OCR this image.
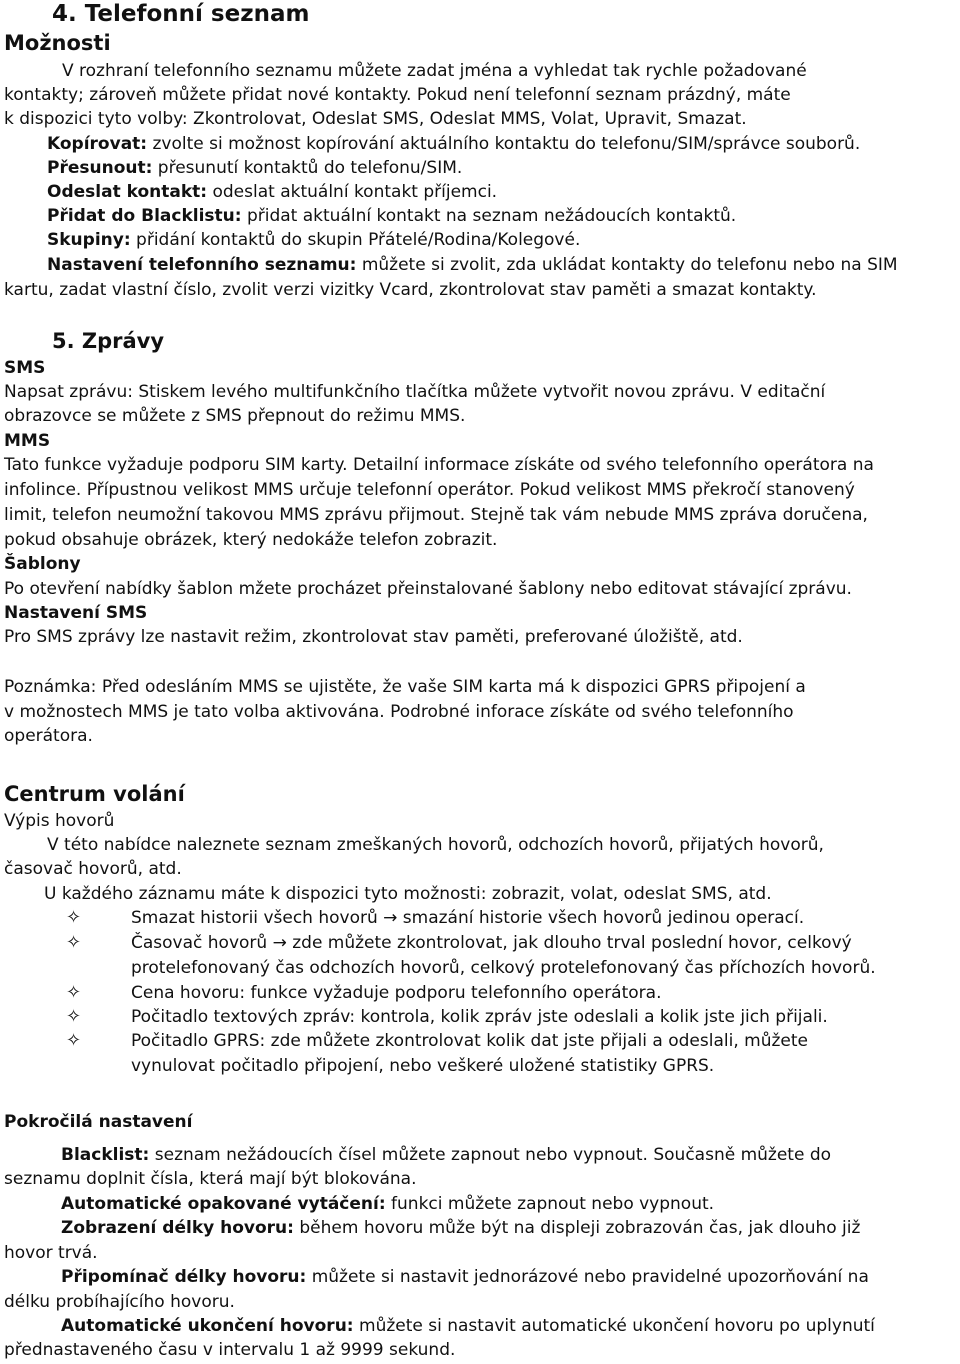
4. Telefonní seznam
Možnosti
V rozhraní telefonního seznamu můžete zadat jména a vyhledat tak rychle požadované
kontakty; zároveň můžete přidat nové kontakty. Pokud není telefonní seznam prázdný, máte
k dispozici tyto volby: Zkontrolovat, Odeslat SMS, Odeslat MMS, Volat, Upravit, Smazat.
Kopírovat: zvolte si možnost kopírování aktuálního kontaktu do telefonu/SIM/správce souborů.
Přesunout: přesunutí kontaktů do telefonu/SIM.
Odeslat kontakt: odeslat aktuální kontakt příjemci.
Přidat do Blacklistu: přidat aktuální kontakt na seznam nežádoucích kontaktů.
Skupiny: přidání kontaktů do skupin Přátelé/Rodina/Kolegové.
Nastavení telefonního seznamu: můžete si zvolit, zda ukládat kontakty do telefonu nebo na SIM
kartu, zadat vlastní číslo, zvolit verzi vizitky Vcard, zkontrolovat stav paměti a smazat kontakty.
5. Zprávy
SMS
Napsat zprávu: Stiskem levého multifunkčního tlačítka můžete vytvořit novou zprávu. V editační
obrazovce se můžete z SMS přepnout do režimu MMS.
MMS
Tato funkce vyžaduje podporu SIM karty. Detailní informace získáte od svého telefonního operátora na
infolince. Přípustnou velikost MMS určuje telefonní operátor. Pokud velikost MMS překročí stanovený
limit, telefon neumožní takovou MMS zprávu přijmout. Stejně tak vám nebude MMS zpráva doručena,
pokud obsahuje obrázek, který nedokáže telefon zobrazit.
Šablony
Po otevření nabídky šablon mžete procházet přeinstalované šablony nebo editovat stávající zprávu.
Nastavení SMS
Pro SMS zprávy lze nastavit režim, zkontrolovat stav paměti, preferované úložiště, atd.
Poznámka: Před odesláním MMS se ujistěte, že vaše SIM karta má k dispozici GPRS připojení a
v možnostech MMS je tato volba aktivována. Podrobné inforace získáte od svého telefonního
operátora.
Centrum volání
Výpis hovorů
V této nabídce naleznete seznam zmeškaných hovorů, odchozích hovorů, přijatých hovorů,
časovač hovorů, atd.
U každého záznamu máte k dispozici tyto možnosti: zobrazit, volat, odeslat SMS, atd.
✧	Smazat historii všech hovorů → smazání historie všech hovorů jedinou operací.
✧	Časovač hovorů → zde můžete zkontrolovat, jak dlouho trval poslední hovor, celkový
protelefonovaný čas odchozích hovorů, celkový protelefonovaný čas příchozích hovorů.
✧	Cena hovoru: funkce vyžaduje podporu telefonního operátora.
✧	Počitadlo textových zpráv: kontrola, kolik zpráv jste odeslali a kolik jste jich přijali.
✧	Počitadlo GPRS: zde můžete zkontrolovat kolik dat jste přijali a odeslali, můžete
vynulovat počitadlo připojení, nebo veškeré uložené statistiky GPRS.
Pokročilá nastavení
Blacklist: seznam nežádoucích čísel můžete zapnout nebo vypnout. Současně můžete do
seznamu doplnit čísla, která mají být blokována.
Automatické opakované vytáčení: funkci můžete zapnout nebo vypnout.
Zobrazení délky hovoru: během hovoru může být na displeji zobrazován čas, jak dlouho již
hovor trvá.
Připomínač délky hovoru: můžete si nastavit jednorázové nebo pravidelné upozorňování na
délku probíhajícího hovoru.
Automatické ukončení hovoru: můžete si nastavit automatické ukončení hovoru po uplynutí
přednastaveného času v intervalu 1 až 9999 sekund.
